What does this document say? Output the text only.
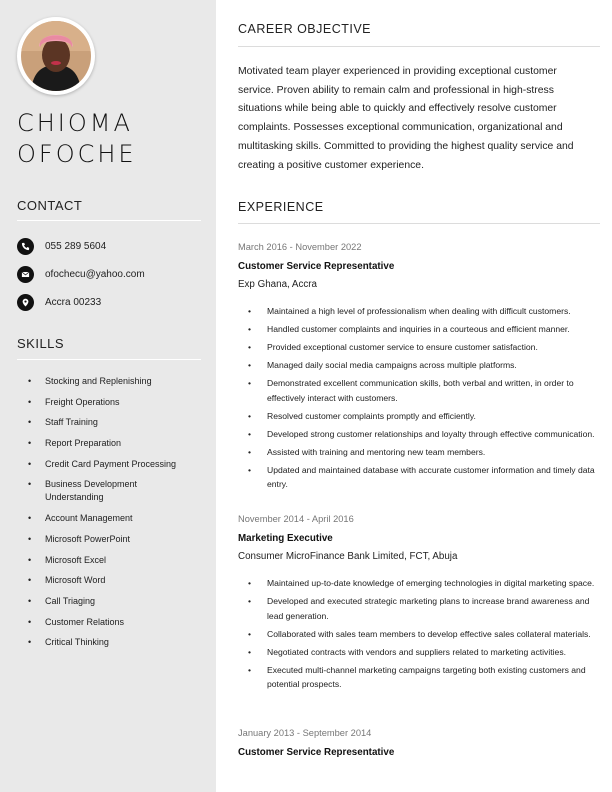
CHIOMA
OFOCHE
CONTACT
055 289 5604
ofochecu@yahoo.com
Accra 00233
SKILLS
• Stocking and Replenishing
• Freight Operations
• Staff Training
• Report Preparation
• Credit Card Payment Processing
• Business Development Understanding
• Account Management
• Microsoft PowerPoint
• Microsoft Excel
• Microsoft Word
• Call Triaging
• Customer Relations
• Critical Thinking
CAREER OBJECTIVE

Motivated team player experienced in providing exceptional customer service. Proven ability to remain calm and professional in high-stress situations while being able to quickly and effectively resolve customer complaints. Possesses exceptional communication, organizational and multitasking skills. Committed to providing the highest quality service and creating a positive customer experience.

EXPERIENCE
March 2016 - November 2022
Customer Service Representative
Exp Ghana, Accra
• Maintained a high level of professionalism when dealing with difficult customers.
• Handled customer complaints and inquiries in a courteous and efficient manner.
• Provided exceptional customer service to ensure customer satisfaction.
• Managed daily social media campaigns across multiple platforms.
• Demonstrated excellent communication skills, both verbal and written, in order to effectively interact with customers.
• Resolved customer complaints promptly and efficiently.
• Developed strong customer relationships and loyalty through effective communication.
• Assisted with training and mentoring new team members.
• Updated and maintained database with accurate customer information and timely data entry.
November 2014 - April 2016
Marketing Executive
Consumer MicroFinance Bank Limited, FCT, Abuja
• Maintained up-to-date knowledge of emerging technologies in digital marketing space.
• Developed and executed strategic marketing plans to increase brand awareness and lead generation.
• Collaborated with sales team members to develop effective sales collateral materials.
• Negotiated contracts with vendors and suppliers related to marketing activities.
• Executed multi-channel marketing campaigns targeting both existing customers and potential prospects.
January 2013 - September 2014
Customer Service Representative
